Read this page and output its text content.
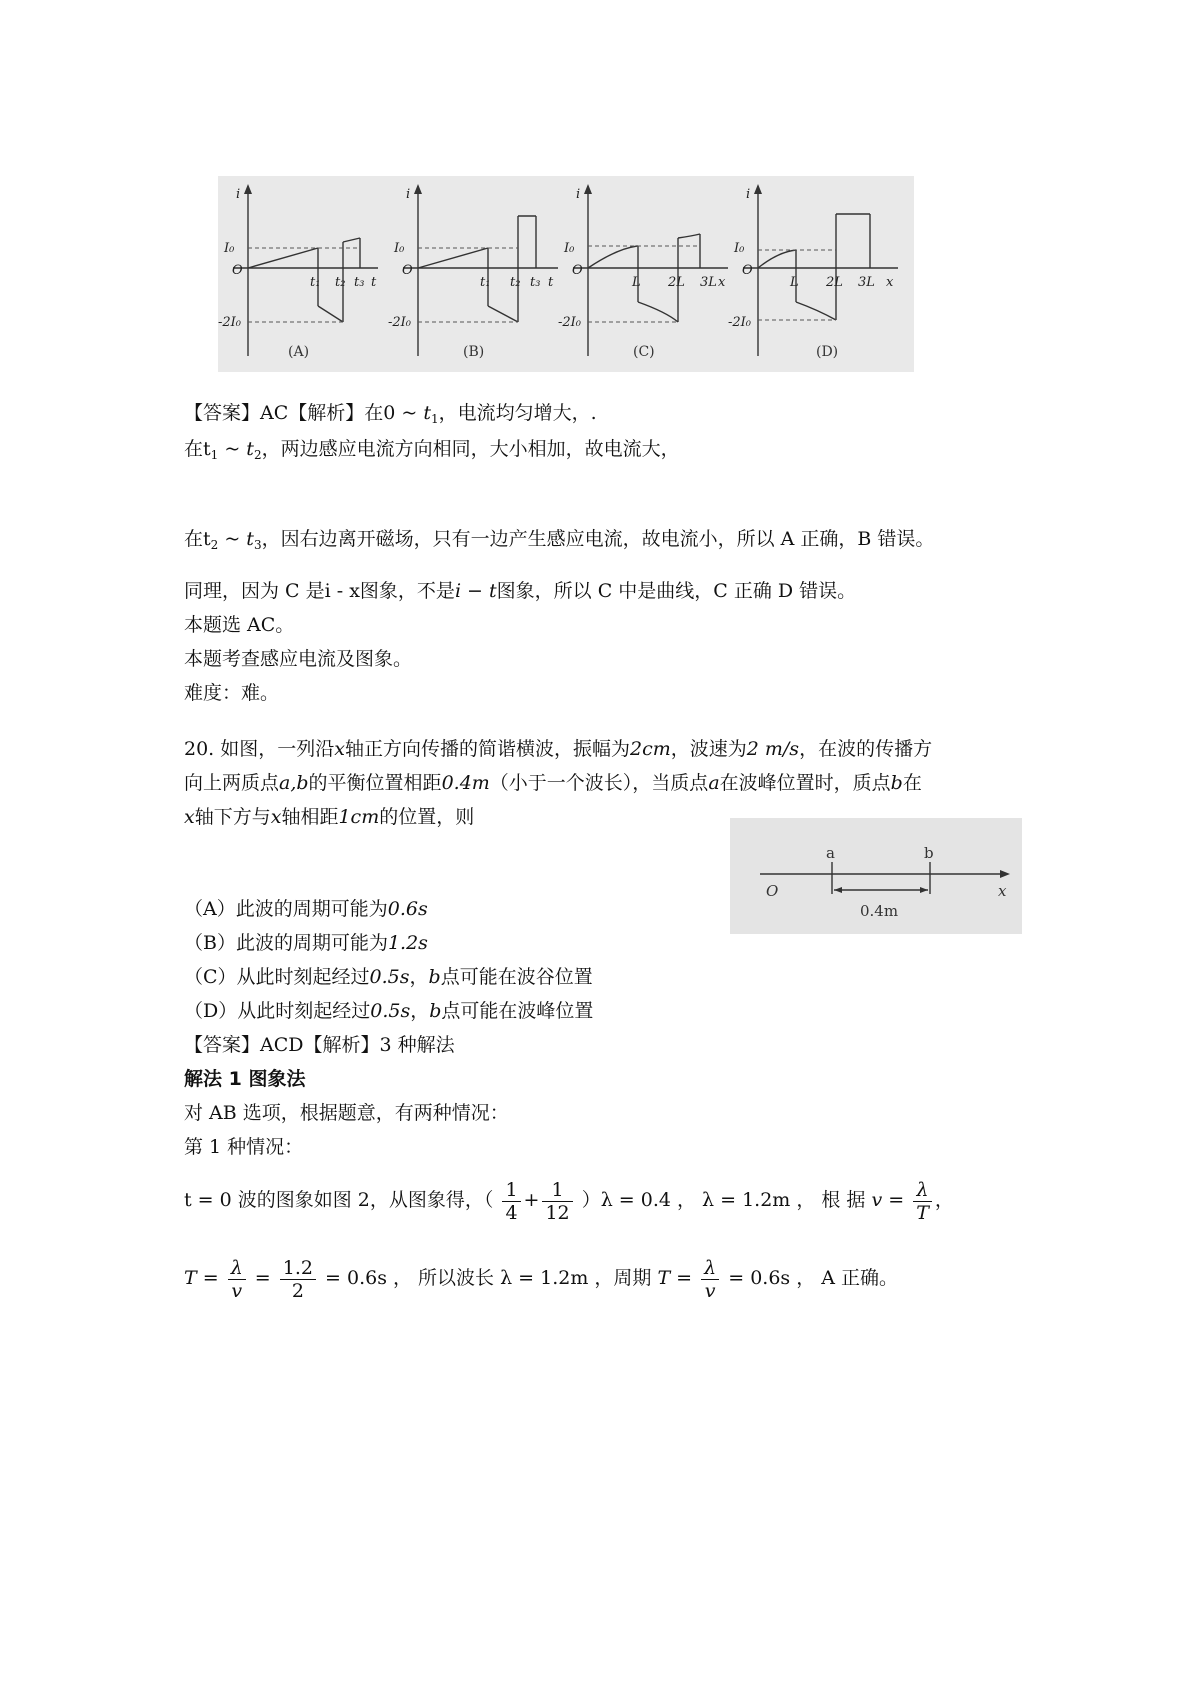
i
I₀
O
-2I₀
t₁ t₂ t₃ t
i
I₀
O
-2I₀
t₁ t₂ t₃ t
i
I₀
O
-2I₀
L 2L 3L x
i
I₀
O
-2I₀
L 2L 3L x
(A)	(B)	(C)	(D)
【答案】AC【解析】在0 ~ $t_1$，电流均匀增大，.
在$t_1$ ~ $t_2$，两边感应电流方向相同，大小相加，故电流大，
在$t_2$ ~ $t_3$，因右边离开磁场，只有一边产生感应电流，故电流小，所以 A 正确，B 错误。
同理，因为 C 是i - x图象，不是i − t图象，所以 C 中是曲线，C 正确 D 错误。
本题选 AC。
本题考查感应电流及图象。
难度：难。
20. 如图，一列沿x轴正方向传播的简谐横波，振幅为2cm，波速为2 m/s，在波的传播方
向上两质点a,b的平衡位置相距0.4m（小于一个波长），当质点a在波峰位置时，质点b在
x轴下方与x轴相距1cm的位置，则
a	b
O	x
0.4m
（A）此波的周期可能为0.6s
（B）此波的周期可能为1.2s
（C）从此时刻起经过0.5s，b点可能在波谷位置
（D）从此时刻起经过0.5s，b点可能在波峰位置
【答案】ACD【解析】3 种解法
解法 1 图象法
对 AB 选项，根据题意，有两种情况：
第 1 种情况：
t = 0 波的图象如图 2，从图象得，（ $\frac{1}{4} + \frac{1}{12} )\lambda = 0.4$ ， λ = 1.2m ， 根 据 $v = \frac{\lambda}{T}$ ，
$T = \frac{\lambda}{v} = \frac{1.2}{2} = 0.6s$ ， 所以波长 λ = 1.2m ，周期 $T = \frac{\lambda}{v} = 0.6s$ ， A 正确。
